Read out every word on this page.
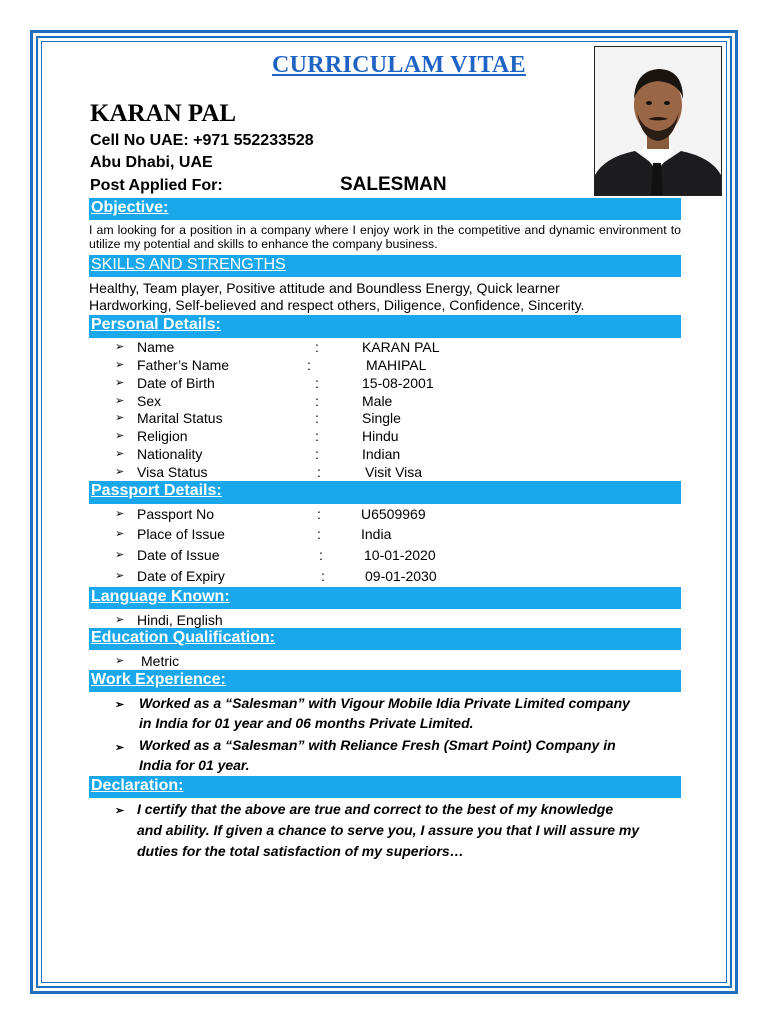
CURRICULAM VITAE
KARAN PAL
Cell No UAE: +971 552233528
Abu Dhabi, UAE
Post Applied For:	SALESMAN
Objective:
I am looking for a position in a company where I enjoy work in the competitive and dynamic environment to utilize my potential and skills to enhance the company business.
SKILLS AND STRENGTHS
Healthy, Team player, Positive attitude and Boundless Energy, Quick learner
Hardworking, Self-believed and respect others, Diligence, Confidence, Sincerity.
Personal Details:
➢ Name	:	KARAN PAL
➢ Father’s Name	:	MAHIPAL
➢ Date of Birth	:	15-08-2001
➢ Sex	:	Male
➢ Marital Status	:	Single
➢ Religion	:	Hindu
➢ Nationality	:	Indian
➢ Visa Status	:	Visit Visa
Passport Details:
➢ Passport No	:	U6509969
➢ Place of Issue	:	India
➢ Date of Issue	:	10-01-2020
➢ Date of Expiry	:	09-01-2030
Language Known:
➢ Hindi, English
Education Qualification:
➢ Metric
Work Experience:
➢ Worked as a “Salesman” with Vigour Mobile Idia Private Limited company
in India for 01 year and 06 months Private Limited.
➢ Worked as a “Salesman” with Reliance Fresh (Smart Point) Company in
India for 01 year.
Declaration:
➢ I certify that the above are true and correct to the best of my knowledge
and ability. If given a chance to serve you, I assure you that I will assure my
duties for the total satisfaction of my superiors…
